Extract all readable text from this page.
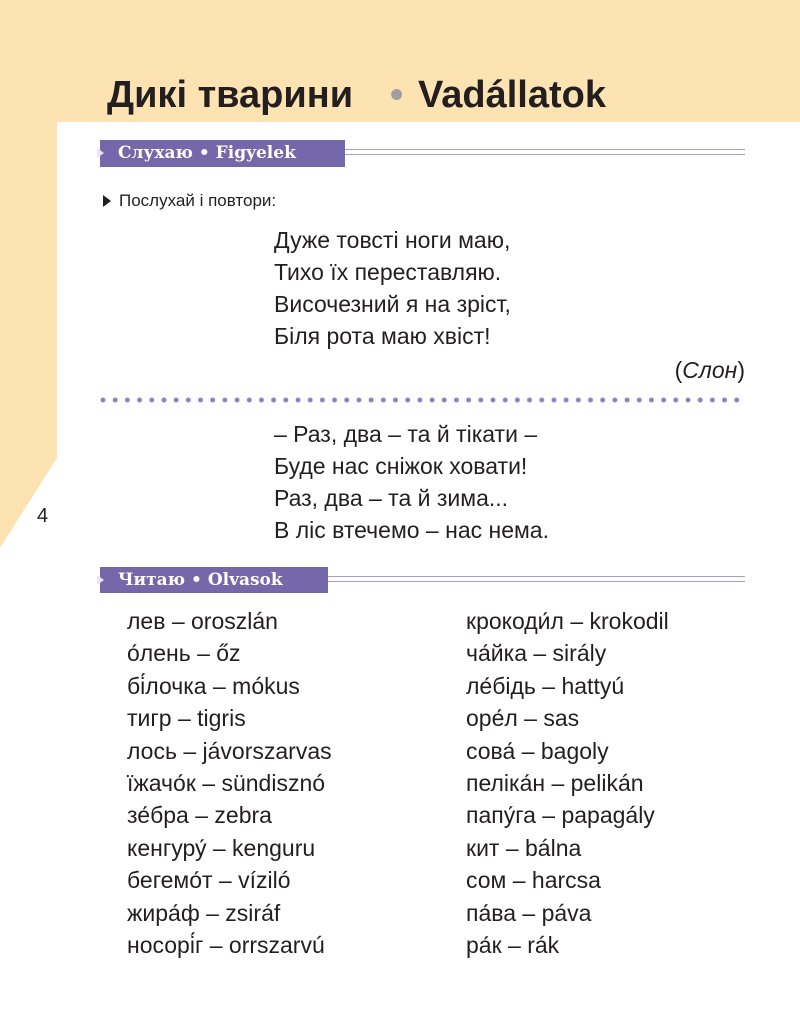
Дикі тварини • Vadállatok
Слухаю • Figyelek
Послухай і повтори:
Дуже товсті ноги маю,
Тихо їх переставляю.
Височезний я на зріст,
Біля рота маю хвіст!
(Слон)
– Раз, два – та й тікати –
Буде нас сніжок ховати!
Раз, два – та й зима...
В ліс втечемо – нас нема.
4
Читаю • Olvasok
лев – oroszlán
о́лень – őz
бі́лочка – mókus
тигр – tigris
лось – jávorszarvas
їжачо́к – sündisznó
зе́бра – zebra
кенгуру́ – kenguru
бегемо́т – víziló
жира́ф – zsiráf
носорі́г – orrszarvú
крокоди́л – krokodil
ча́йка – sirály
ле́бідь – hattyú
оре́л – sas
сова́ – bagoly
пеліка́н – pelikán
папу́га – papagály
кит – bálna
сом – harcsa
па́ва – páva
ра́к – rák
